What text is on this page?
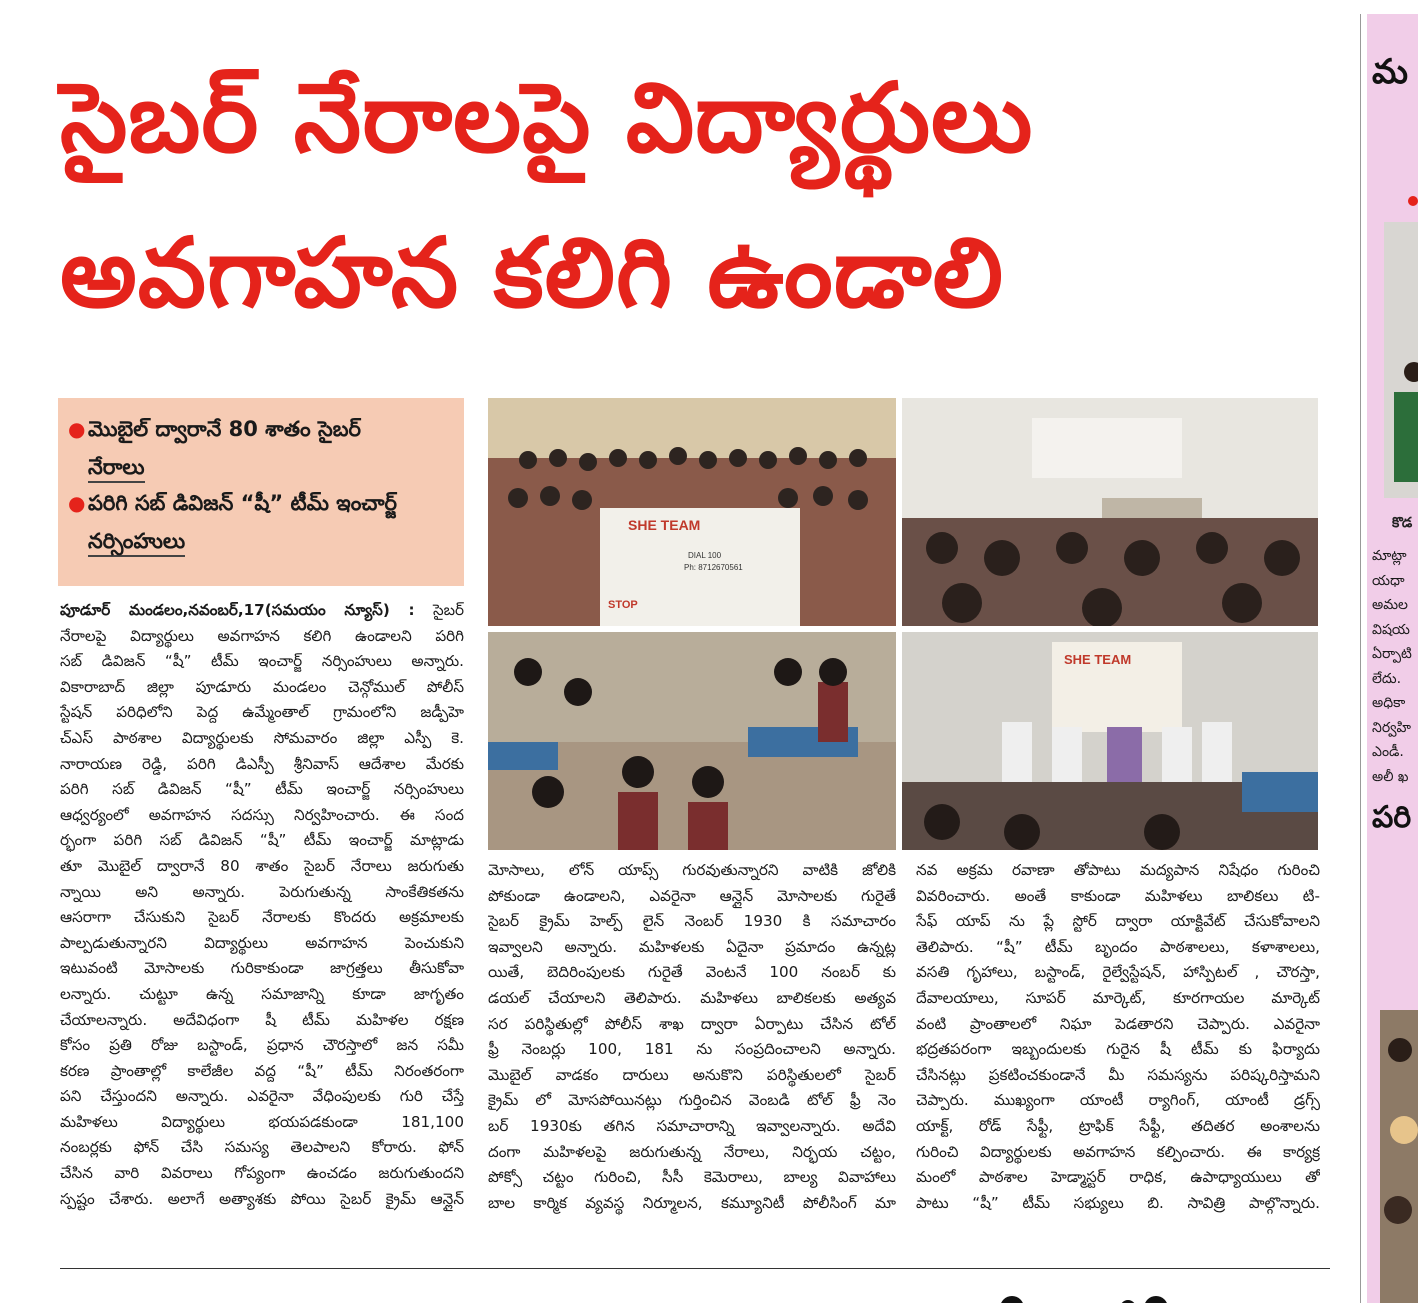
సైబర్ నేరాలపై విద్యార్థులు
అవగాహన కలిగి ఉండాలి
● మొబైల్ ద్వారానే 80 శాతం సైబర్
నేరాలు
● పరిగి సబ్ డివిజన్ “షీ” టీమ్ ఇంచార్జ్
నర్సింహులు
SHE TEAM
DIAL 100
Ph: 8712670561
STOP
SHE TEAM
పూడూర్ మండలం,నవంబర్,17(సమయం న్యూస్) : సైబర్
నేరాలపై విద్యార్థులు అవగాహన కలిగి ఉండాలని పరిగి
సబ్ డివిజన్ “షీ” టీమ్ ఇంచార్జ్ నర్సింహులు అన్నారు.
వికారాబాద్ జిల్లా పూడూరు మండలం చెన్గోముల్ పోలీస్
స్టేషన్ పరిధిలోని పెద్ద ఉమ్మేంతాల్ గ్రామంలోని జడ్పీహె
చ్ఎస్ పాఠశాల విద్యార్థులకు సోమవారం జిల్లా ఎస్పీ కె.
నారాయణ రెడ్డి, పరిగి డిఎస్పీ శ్రీనివాస్ ఆదేశాల మేరకు
పరిగి సబ్ డివిజన్ “షీ” టీమ్ ఇంచార్జ్ నర్సింహులు
ఆధ్వర్యంలో అవగాహన సదస్సు నిర్వహించారు. ఈ సంద
ర్భంగా పరిగి సబ్ డివిజన్ “షీ” టీమ్ ఇంచార్జ్ మాట్లాడు
తూ మొబైల్ ద్వారానే 80 శాతం సైబర్ నేరాలు జరుగుతు
న్నాయి అని అన్నారు. పెరుగుతున్న సాంకేతికతను
ఆసరాగా చేసుకుని సైబర్ నేరాలకు కొందరు అక్రమాలకు
పాల్పడుతున్నారని విద్యార్థులు అవగాహన పెంచుకుని
ఇటువంటి మోసాలకు గురికాకుండా జాగ్రత్తలు తీసుకోవా
లన్నారు. చుట్టూ ఉన్న సమాజాన్ని కూడా జాగృతం
చేయాలన్నారు. అదేవిధంగా షీ టీమ్ మహిళల రక్షణ
కోసం ప్రతి రోజు బస్టాండ్, ప్రధాన చౌరస్తాలో జన సమీ
కరణ ప్రాంతాల్లో కాలేజీల వద్ద “షీ” టీమ్ నిరంతరంగా
పని చేస్తుందని అన్నారు. ఎవరైనా వేధింపులకు గురి చేస్తే
మహిళలు విద్యార్థులు భయపడకుండా 181,100
నంబర్లకు ఫోన్ చేసి సమస్య తెలపాలని కోరారు. ఫోన్
చేసిన వారి వివరాలు గోప్యంగా ఉంచడం జరుగుతుందని
స్పష్టం చేశారు. అలాగే అత్యాశకు పోయి సైబర్ క్రైమ్ ఆన్లైన్
మోసాలు, లోన్ యాప్స్ గురవుతున్నారని వాటికి జోలికి
పోకుండా ఉండాలని, ఎవరైనా ఆన్లైన్ మోసాలకు గురైతే
సైబర్ క్రైమ్ హెల్ప్ లైన్ నెంబర్ 1930 కి సమాచారం
ఇవ్వాలని అన్నారు. మహిళలకు ఏదైనా ప్రమాదం ఉన్నట్ల
యితే, బెదిరింపులకు గురైతే వెంటనే 100 నంబర్ కు
డయల్ చేయాలని తెలిపారు. మహిళలు బాలికలకు అత్యవ
సర పరిస్థితుల్లో పోలీస్ శాఖ ద్వారా ఏర్పాటు చేసిన టోల్
ఫ్రీ నెంబర్లు 100, 181 ను సంప్రదించాలని అన్నారు.
మొబైల్ వాడకం దారులు అనుకొని పరిస్థితులలో సైబర్
క్రైమ్ లో మోసపోయినట్లు గుర్తించిన వెంబడి టోల్ ఫ్రీ నెం
బర్ 1930కు తగిన సమాచారాన్ని ఇవ్వాలన్నారు. అదేవి
దంగా మహిళలపై జరుగుతున్న నేరాలు, నిర్భయ చట్టం,
పోక్సో చట్టం గురించి, సీసీ కెమెరాలు, బాల్య వివాహాలు
బాల కార్మిక వ్యవస్థ నిర్మూలన, కమ్యూనిటీ పోలీసింగ్ మా
నవ అక్రమ రవాణా తోపాటు మద్యపాన నిషేధం గురించి
వివరించారు. అంతే కాకుండా మహిళలు బాలికలు టి-
సేఫ్ యాప్ ను ప్లే స్టోర్ ద్వారా యాక్టివేట్ చేసుకోవాలని
తెలిపారు. “షీ” టీమ్ బృందం పాఠశాలలు, కళాశాలలు,
వసతి గృహాలు, బస్టాండ్, రైల్వేస్టేషన్, హాస్పిటల్ , చౌరస్తా,
దేవాలయాలు, సూపర్ మార్కెట్, కూరగాయల మార్కెట్
వంటి ప్రాంతాలలో నిఘా పెడతారని చెప్పారు. ఎవరైనా
భద్రతపరంగా ఇబ్బందులకు గురైన షీ టీమ్ కు ఫిర్యాదు
చేసినట్లు ప్రకటించకుండానే మీ సమస్యను పరిష్కరిస్తామని
చెప్పారు. ముఖ్యంగా యాంటీ ర్యాగింగ్, యాంటీ డ్రగ్స్
యాక్ట్, రోడ్ సేఫ్టీ, ట్రాఫిక్ సేఫ్టీ, తదితర అంశాలను
గురించి విద్యార్థులకు అవగాహన కల్పించారు. ఈ కార్యక్ర
మంలో పాఠశాల హెడ్మాస్టర్ రాధిక, ఉపాధ్యాయులు తో
పాటు “షీ” టీమ్ సభ్యులు బి. సావిత్రి పాల్గొన్నారు.
మ
కొడ
మాట్లా
యధా
అమల
విషయ
ఏర్పాటి
లేదు.
అధికా
నిర్వహి
ఎండీ.
అలీ ఖ
పరి
